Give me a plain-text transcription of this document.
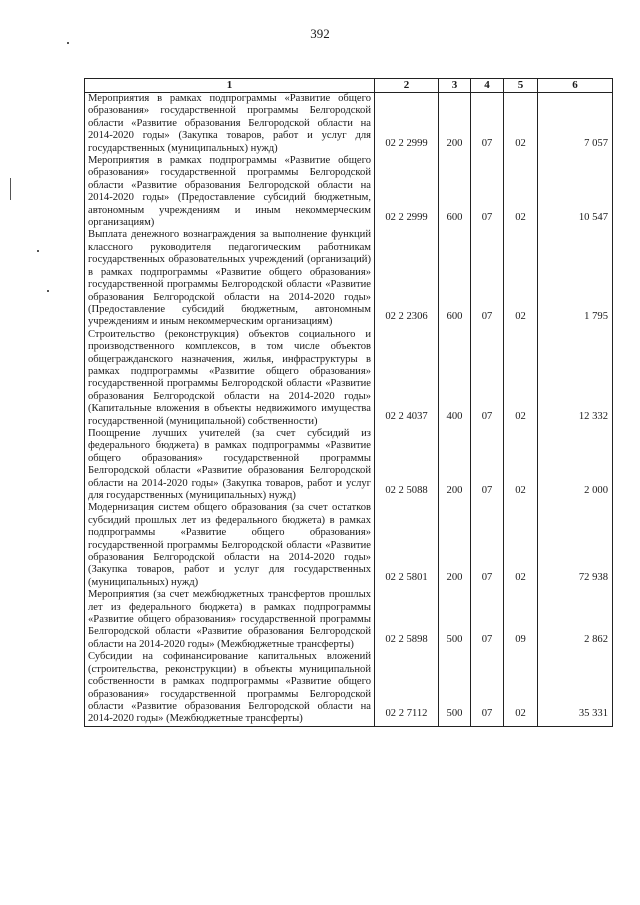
392
1	2	3	4	5	6
Мероприятия в рамках подпрограммы «Развитие общего образования» государственной программы Белгородской области «Развитие образования Белгородской области на 2014-2020 годы» (Закупка товаров, работ и услуг для государственных (муниципальных) нужд)	02 2 2999	200	07	02	7 057
Мероприятия в рамках подпрограммы «Развитие общего образования» государственной программы Белгородской области «Развитие образования Белгородской области на 2014-2020 годы» (Предоставление субсидий бюджетным, автономным учреждениям и иным некоммерческим организациям)	02 2 2999	600	07	02	10 547
Выплата денежного вознаграждения за выполнение функций классного руководителя педагогическим работникам государственных образовательных учреждений (организаций) в рамках подпрограммы «Развитие общего образования» государственной программы Белгородской области «Развитие образования Белгородской области на 2014-2020 годы» (Предоставление субсидий бюджетным, автономным учреждениям и иным некоммерческим организациям)	02 2 2306	600	07	02	1 795
Строительство (реконструкция) объектов социального и производственного комплексов, в том числе объектов общегражданского назначения, жилья, инфраструктуры в рамках подпрограммы «Развитие общего образования» государственной программы Белгородской области «Развитие образования Белгородской области на 2014-2020 годы» (Капитальные вложения в объекты недвижимого имущества государственной (муниципальной) собственности)	02 2 4037	400	07	02	12 332
Поощрение лучших учителей (за счет субсидий из федерального бюджета) в рамках подпрограммы «Развитие общего образования» государственной программы Белгородской области «Развитие образования Белгородской области на 2014-2020 годы» (Закупка товаров, работ и услуг для государственных (муниципальных) нужд)	02 2 5088	200	07	02	2 000
Модернизация систем общего образования (за счет остатков субсидий прошлых лет из федерального бюджета) в рамках подпрограммы «Развитие общего образования» государственной программы Белгородской области «Развитие образования Белгородской области на 2014-2020 годы» (Закупка товаров, работ и услуг для государственных (муниципальных) нужд)	02 2 5801	200	07	02	72 938
Мероприятия (за счет межбюджетных трансфертов прошлых лет из федерального бюджета) в рамках подпрограммы «Развитие общего образования» государственной программы Белгородской области «Развитие образования Белгородской области на 2014-2020 годы» (Межбюджетные трансферты)	02 2 5898	500	07	09	2 862
Субсидии на софинансирование капитальных вложений (строительства, реконструкции) в объекты муниципальной собственности в рамках подпрограммы «Развитие общего образования» государственной программы Белгородской области «Развитие образования Белгородской области на 2014-2020 годы» (Межбюджетные трансферты)	02 2 7112	500	07	02	35 331
